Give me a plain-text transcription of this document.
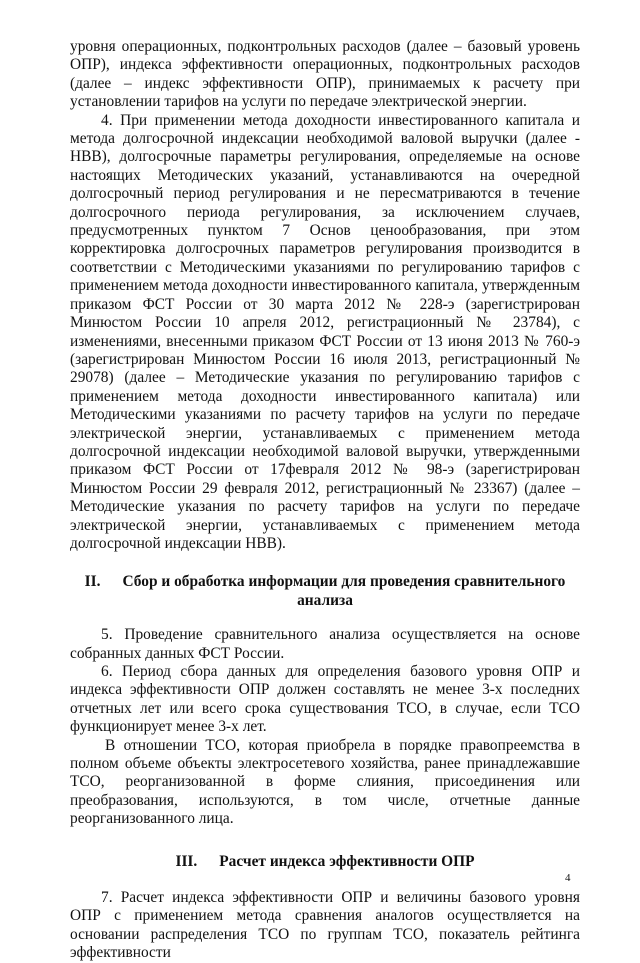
уровня операционных, подконтрольных расходов (далее – базовый уровень ОПР), индекса эффективности операционных, подконтрольных расходов (далее – индекс эффективности ОПР), принимаемых к расчету при установлении тарифов на услуги по передаче электрической энергии.

4. При применении метода доходности инвестированного капитала и метода долгосрочной индексации необходимой валовой выручки (далее - НВВ), долгосрочные параметры регулирования, определяемые на основе настоящих Методических указаний, устанавливаются на очередной долгосрочный период регулирования и не пересматриваются в течение долгосрочного периода регулирования, за исключением случаев, предусмотренных пунктом 7 Основ ценообразования, при этом корректировка долгосрочных параметров регулирования производится в соответствии с Методическими указаниями по регулированию тарифов с применением метода доходности инвестированного капитала, утвержденным приказом ФСТ России от 30 марта 2012 № 228-э (зарегистрирован Минюстом России 10 апреля 2012, регистрационный № 23784), с изменениями, внесенными приказом ФСТ России от 13 июня 2013 № 760-э (зарегистрирован Минюстом России 16 июля 2013, регистрационный № 29078) (далее – Методические указания по регулированию тарифов с применением метода доходности инвестированного капитала) или Методическими указаниями по расчету тарифов на услуги по передаче электрической энергии, устанавливаемых с применением метода долгосрочной индексации необходимой валовой выручки, утвержденными приказом ФСТ России от 17февраля 2012 № 98-э (зарегистрирован Минюстом России 29 февраля 2012, регистрационный № 23367) (далее – Методические указания по расчету тарифов на услуги по передаче электрической энергии, устанавливаемых с применением метода долгосрочной индексации НВВ).

II. Сбор и обработка информации для проведения сравнительного
анализа

5. Проведение сравнительного анализа осуществляется на основе собранных данных ФСТ России.

6. Период сбора данных для определения базового уровня ОПР и индекса эффективности ОПР должен составлять не менее 3-х последних отчетных лет или всего срока существования ТСО, в случае, если ТСО функционирует менее 3-х лет.

В отношении ТСО, которая приобрела в порядке правопреемства в полном объеме объекты электросетевого хозяйства, ранее принадлежавшие ТСО, реорганизованной в форме слияния, присоединения или преобразования, используются, в том числе, отчетные данные реорганизованного лица.

III. Расчет индекса эффективности ОПР

7. Расчет индекса эффективности ОПР и величины базового уровня ОПР с применением метода сравнения аналогов осуществляется на основании распределения ТСО по группам ТСО, показатель рейтинга эффективности

4
